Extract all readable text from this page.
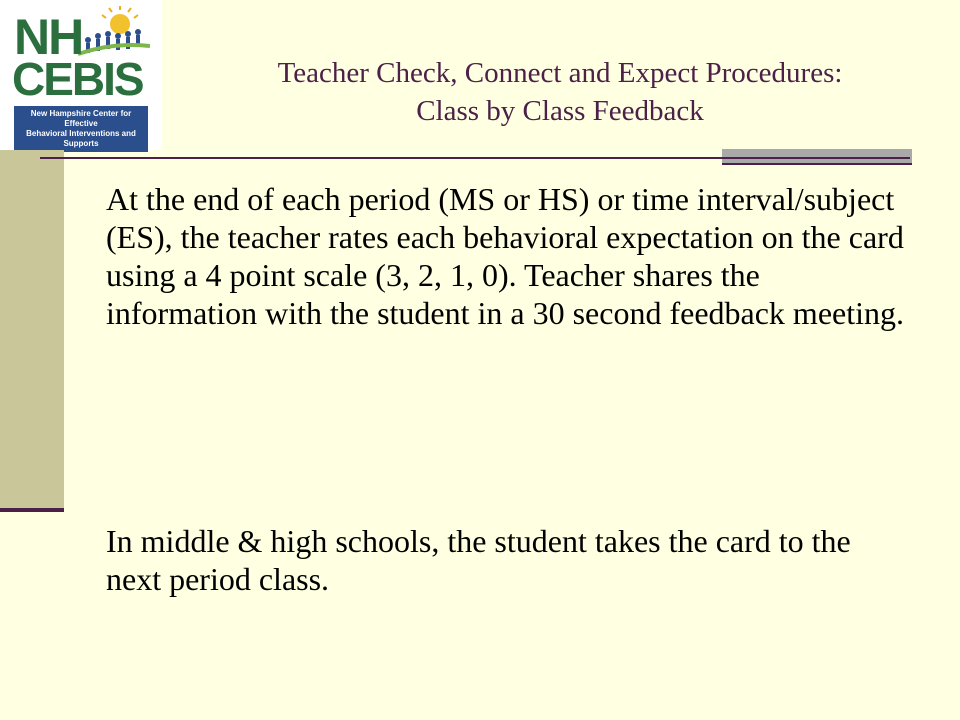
NH
CEBIS
New Hampshire Center for Effective
Behavioral Interventions and Supports
Teacher Check, Connect and Expect Procedures:
Class by Class Feedback
At the end of each period (MS or HS) or time interval/subject (ES), the teacher rates each behavioral expectation on the card using a 4 point scale (3, 2, 1, 0). Teacher shares the information with the student in a 30 second feedback meeting.
In middle & high schools, the student takes the card to the next period class.
